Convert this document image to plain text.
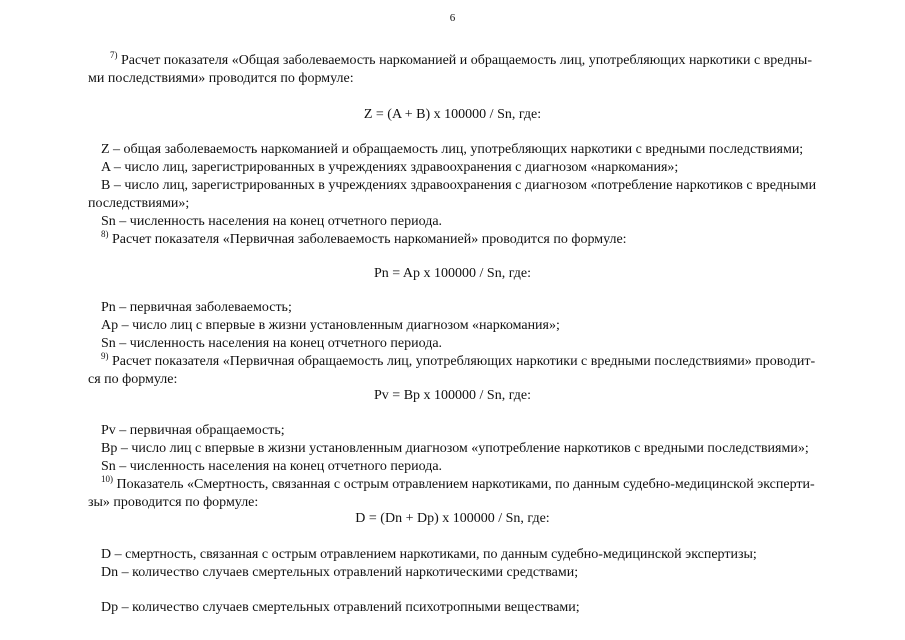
6
$^{7)}$ Расчет показателя «Общая заболеваемость наркоманией и обращаемость лиц, употребляющих наркотики с вредны-
ми последствиями» проводится по формуле:
Z = (A + B) x 100000 / Sn, где:
Z – общая заболеваемость наркоманией и обращаемость лиц, употребляющих наркотики с вредными последствиями;
A – число лиц, зарегистрированных в учреждениях здравоохранения с диагнозом «наркомания»;
B – число лиц, зарегистрированных в учреждениях здравоохранения с диагнозом «потребление наркотиков с вредными
последствиями»;
Sn – численность населения на конец отчетного периода.
$^{8)}$ Расчет показателя «Первичная заболеваемость наркоманией» проводится по формуле:
Pn = Ap x 100000 / Sn, где:
Pn – первичная заболеваемость;
Ap – число лиц с впервые в жизни установленным диагнозом «наркомания»;
Sn – численность населения на конец отчетного периода.
$^{9)}$ Расчет показателя «Первичная обращаемость лиц, употребляющих наркотики с вредными последствиями» проводит-
ся по формуле:
Pv = Bp x 100000 / Sn, где:
Pv – первичная обращаемость;
Bp – число лиц с впервые в жизни установленным диагнозом «употребление наркотиков с вредными последствиями»;
Sn – численность населения на конец отчетного периода.
$^{10)}$ Показатель «Смертность, связанная с острым отравлением наркотиками, по данным судебно-медицинской эксперти-
зы» проводится по формуле:
D = (Dn + Dp) x 100000 / Sn, где:
D – смертность, связанная с острым отравлением наркотиками, по данным судебно-медицинской экспертизы;
Dn – количество случаев смертельных отравлений наркотическими средствами;
Dp – количество случаев смертельных отравлений психотропными веществами;
